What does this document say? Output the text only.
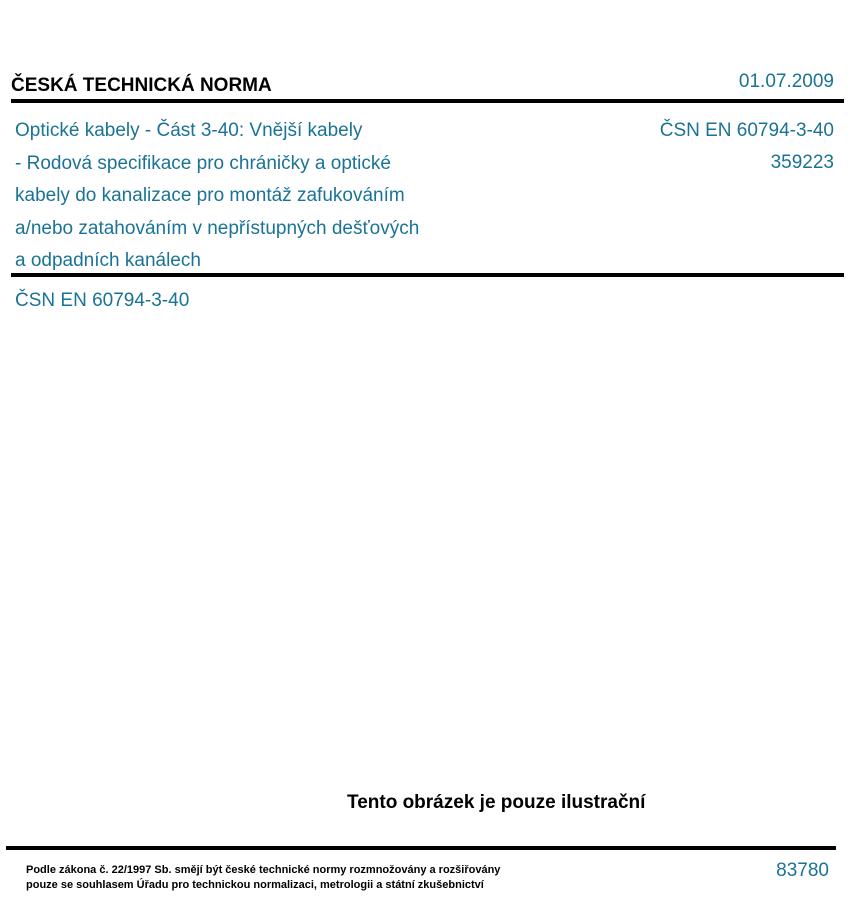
ČESKÁ TECHNICKÁ NORMA	01.07.2009
Optické kabely - Část 3-40: Vnější kabely
- Rodová specifikace pro chráničky a optické
kabely do kanalizace pro montáž zafukováním
a/nebo zatahováním v nepřístupných dešťových
a odpadních kanálech
ČSN EN 60794-3-40
359223
ČSN EN 60794-3-40
Tento obrázek je pouze ilustrační
Podle zákona č. 22/1997 Sb. smějí být české technické normy rozmnožovány a rozšiřovány
pouze se souhlasem Úřadu pro technickou normalizaci, metrologii a státní zkušebnictví
83780
